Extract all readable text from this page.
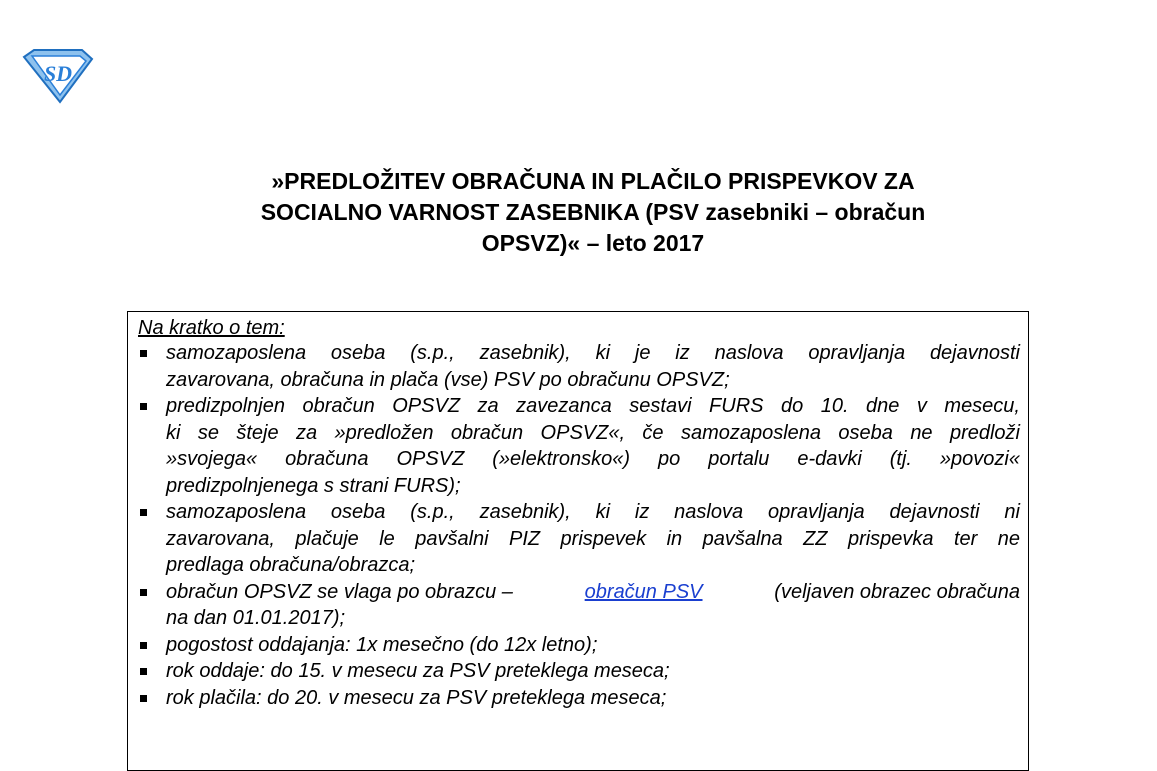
SD
»PREDLOŽITEV OBRAČUNA IN PLAČILO PRISPEVKOV ZA
SOCIALNO VARNOST ZASEBNIKA (PSV zasebniki – obračun
OPSVZ)« – leto 2017

Na kratko o tem:

samozaposlena oseba (s.p., zasebnik), ki je iz naslova opravljanja dejavnosti
zavarovana, obračuna in plača (vse) PSV po obračunu OPSVZ;
predizpolnjen obračun OPSVZ za zavezanca sestavi FURS do 10. dne v mesecu,
ki se šteje za »predložen obračun OPSVZ«, če samozaposlena oseba ne predloži
»svojega« obračuna OPSVZ (»elektronsko«) po portalu e-davki (tj. »povozi«
predizpolnjenega s strani FURS);
samozaposlena oseba (s.p., zasebnik), ki iz naslova opravljanja dejavnosti ni
zavarovana, plačuje le pavšalni PIZ prispevek in pavšalna ZZ prispevka ter ne
predlaga obračuna/obrazca;
obračun OPSVZ se vlaga po obrazcu –	obračun PSV	(veljaven obrazec obračuna
na dan 01.01.2017);
pogostost oddajanja: 1x mesečno (do 12x letno);
rok oddaje: do 15. v mesecu za PSV preteklega meseca;
rok plačila: do 20. v mesecu za PSV preteklega meseca;
